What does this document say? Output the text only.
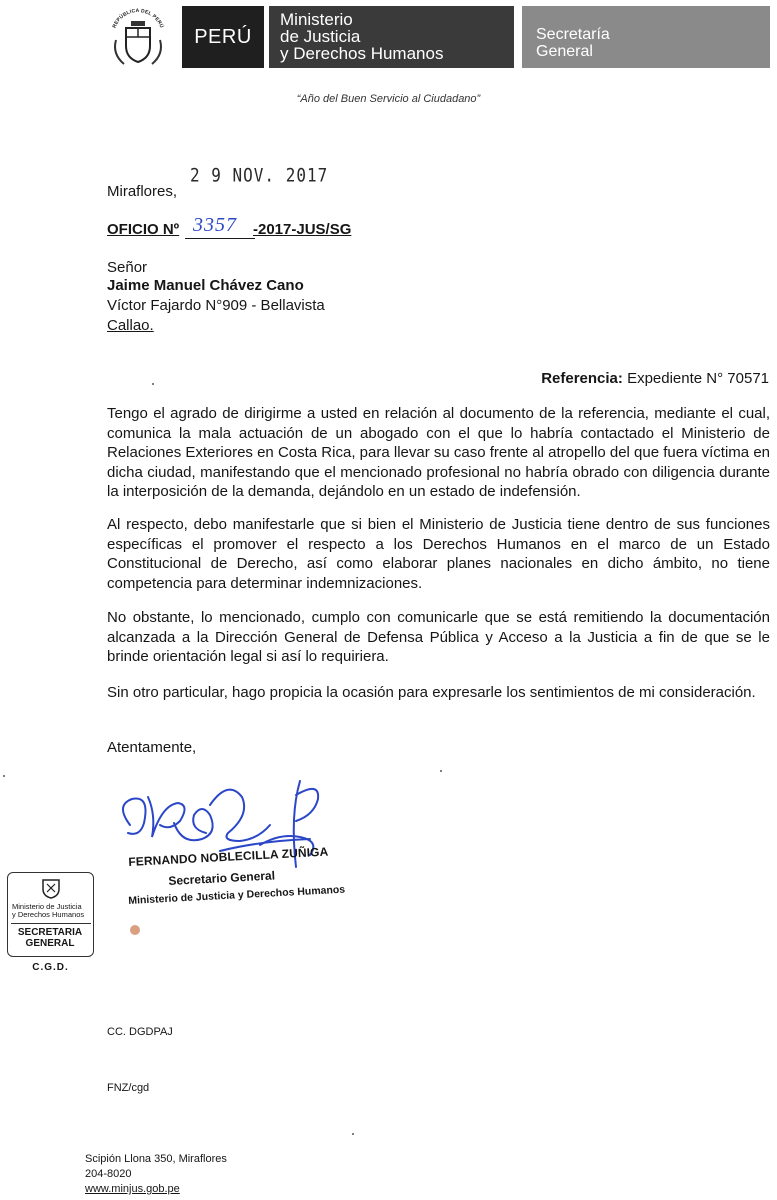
REPÚBLICA DEL PERÚ	PERÚ
Ministerio
de Justicia
y Derechos Humanos
Secretaría
General
“Año del Buen Servicio al Ciudadano”
2 9 NOV. 2017
Miraflores,
OFICIO Nº 3357 -2017-JUS/SG
Señor
Jaime Manuel Chávez Cano
Víctor Fajardo N°909 - Bellavista
Callao.
Referencia: Expediente N° 70571
Tengo el agrado de dirigirme a usted en relación al documento de la referencia, mediante el cual, comunica la mala actuación de un abogado con el que lo habría contactado el Ministerio de Relaciones Exteriores en Costa Rica, para llevar su caso frente al atropello del que fuera víctima en dicha ciudad, manifestando que el mencionado profesional no habría obrado con diligencia durante la interposición de la demanda, dejándolo en un estado de indefensión.
Al respecto, debo manifestarle que si bien el Ministerio de Justicia tiene dentro de sus funciones específicas el promover el respecto a los Derechos Humanos en el marco de un Estado Constitucional de Derecho, así como elaborar planes nacionales en dicho ámbito, no tiene competencia para determinar indemnizaciones.
No obstante, lo mencionado, cumplo con comunicarle que se está remitiendo la documentación alcanzada a la Dirección General de Defensa Pública y Acceso a la Justicia a fin de que se le brinde orientación legal si así lo requiriera.
Sin otro particular, hago propicia la ocasión para expresarle los sentimientos de mi consideración.
Atentamente,
FERNANDO NOBLECILLA ZUÑIGA
Secretario General
Ministerio de Justicia y Derechos Humanos
Ministerio de Justicia
y Derechos Humanos
SECRETARIA
GENERAL
C.G.D.
CC. DGDPAJ
FNZ/cgd
Scipión Llona 350, Miraflores
204-8020
www.minjus.gob.pe
